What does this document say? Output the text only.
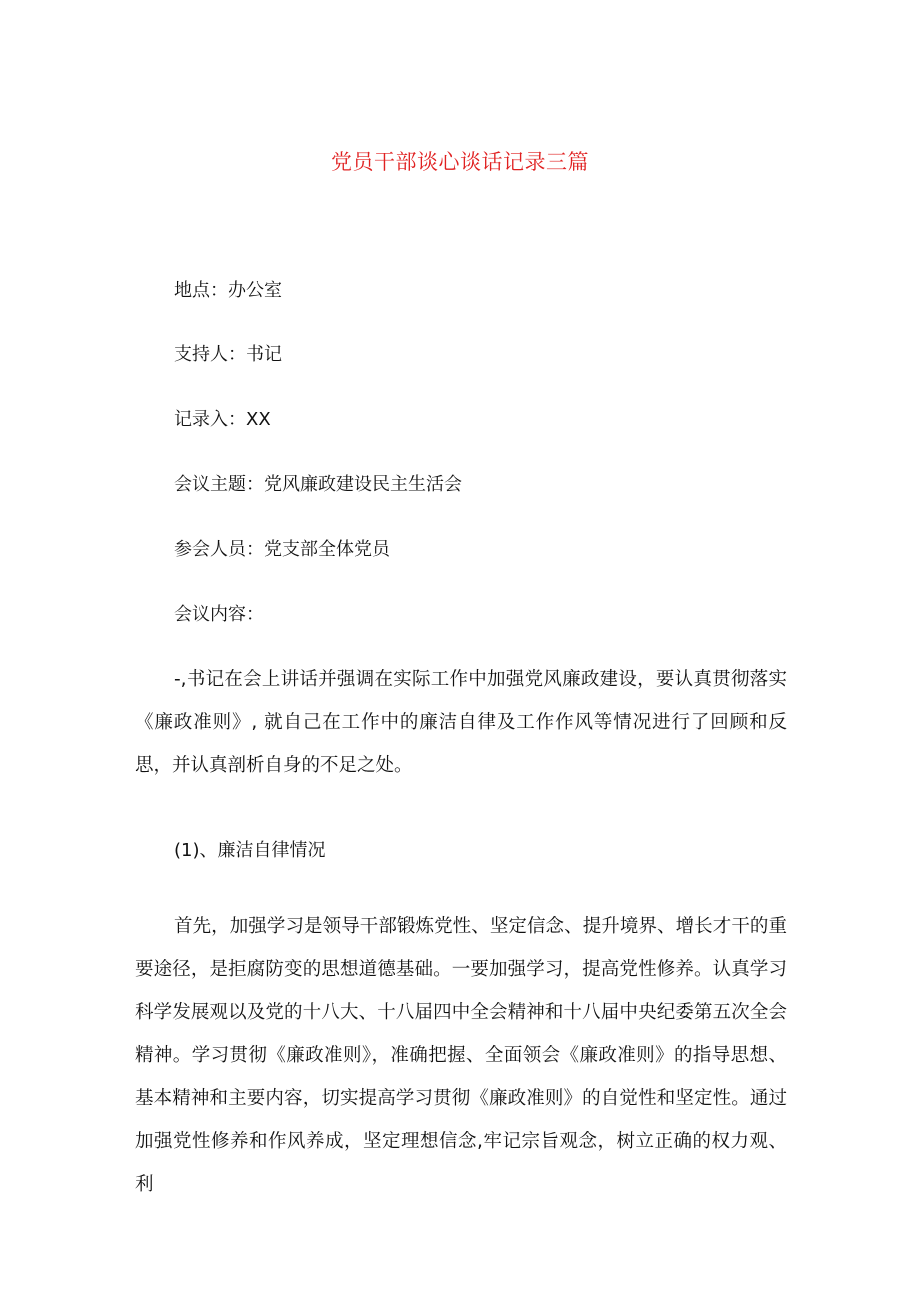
党员干部谈心谈话记录三篇
地点：办公室
支持人：书记
记录入：XX
会议主题：党风廉政建设民主生活会
参会人员：党支部全体党员
会议内容：
-,书记在会上讲话并强调在实际工作中加强党风廉政建设，要认真贯彻落实《廉政准则》, 就自己在工作中的廉洁自律及工作作风等情况进行了回顾和反思，并认真剖析自身的不足之处。
(1)、廉洁自律情况
首先，加强学习是领导干部锻炼党性、坚定信念、提升境界、增长才干的重要途径，是拒腐防变的思想道德基础。一要加强学习，提高党性修养。认真学习科学发展观以及党的十八大、十八届四中全会精神和十八届中央纪委第五次全会精神。学习贯彻《廉政准则》，准确把握、全面领会《廉政准则》的指导思想、基本精神和主要内容，切实提高学习贯彻《廉政准则》的自觉性和坚定性。通过加强党性修养和作风养成，坚定理想信念,牢记宗旨观念，树立正确的权力观、利
